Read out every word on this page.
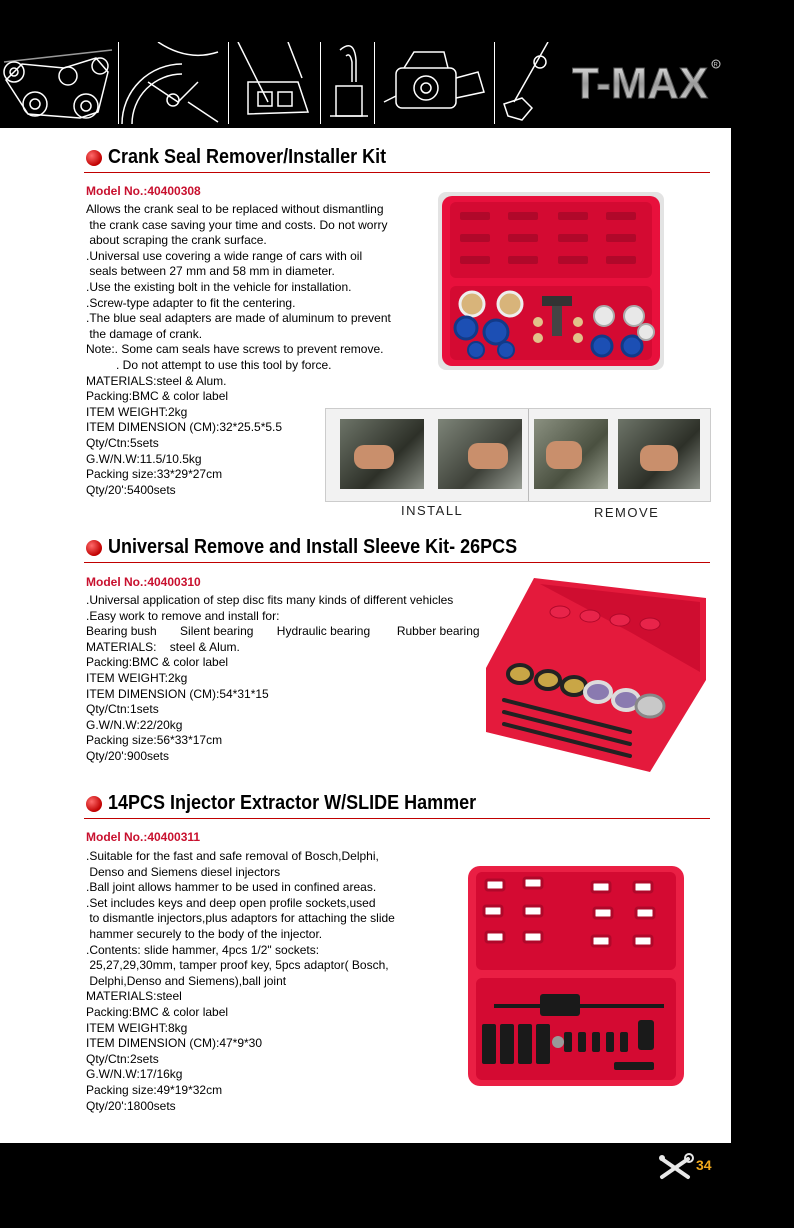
T-MAX R
Crank Seal Remover/Installer Kit
Model No.:40400308
Allows the crank seal to be replaced without dismantling
the crank case saving your time and costs. Do not worry
about scraping the crank surface.
.Universal use covering a wide range of cars with oil
seals between 27 mm and 58 mm in diameter.
.Use the existing bolt in the vehicle for installation.
.Screw-type adapter to fit the centering.
.The blue seal adapters are made of aluminum to prevent
the damage of crank.
Note:. Some cam seals have screws to prevent remove.
. Do not attempt to use this tool by force.
MATERIALS:steel & Alum.
Packing:BMC & color label
ITEM WEIGHT:2kg
ITEM DIMENSION (CM):32*25.5*5.5
Qty/Ctn:5sets
G.W/N.W:11.5/10.5kg
Packing size:33*29*27cm
Qty/20':5400sets
INSTALL	REMOVE
Universal Remove and Install Sleeve Kit- 26PCS
Model No.:40400310
.Universal application of step disc fits many kinds of different vehicles
.Easy work to remove and install for:
Bearing bush       Silent bearing       Hydraulic bearing        Rubber bearing
MATERIALS:    steel & Alum.
Packing:BMC & color label
ITEM WEIGHT:2kg
ITEM DIMENSION (CM):54*31*15
Qty/Ctn:1sets
G.W/N.W:22/20kg
Packing size:56*33*17cm
Qty/20':900sets
14PCS Injector Extractor W/SLIDE Hammer
Model No.:40400311
.Suitable for the fast and safe removal of Bosch,Delphi,
Denso and Siemens diesel injectors
.Ball joint allows hammer to be used in confined areas.
.Set includes keys and deep open profile sockets,used
to dismantle injectors,plus adaptors for attaching the slide
hammer securely to the body of the injector.
.Contents: slide hammer, 4pcs 1/2" sockets:
25,27,29,30mm, tamper proof key, 5pcs adaptor( Bosch,
Delphi,Denso and Siemens),ball joint
MATERIALS:steel
Packing:BMC & color label
ITEM WEIGHT:8kg
ITEM DIMENSION (CM):47*9*30
Qty/Ctn:2sets
G.W/N.W:17/16kg
Packing size:49*19*32cm
Qty/20':1800sets
34
